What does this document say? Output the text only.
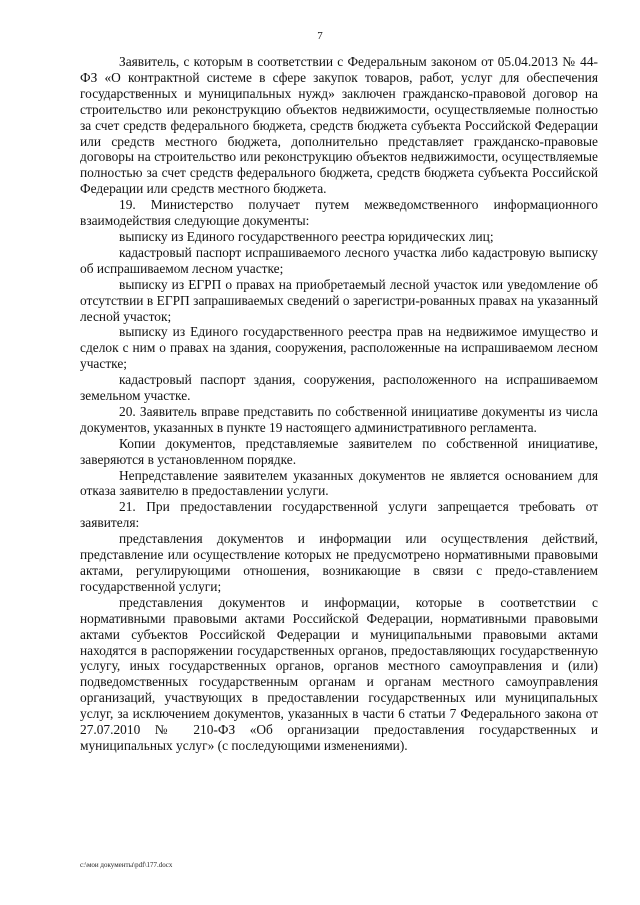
7

Заявитель, с которым в соответствии с Федеральным законом от 05.04.2013 № 44-ФЗ «О контрактной системе в сфере закупок товаров, работ, услуг для обеспечения государственных и муниципальных нужд» заключен гражданско-правовой договор на строительство или реконструкцию объектов недвижимости, осуществляемые полностью за счет средств федерального бюджета, средств бюджета субъекта Российской Федерации или средств местного бюджета, дополнительно представляет гражданско-правовые договоры на строительство или реконструкцию объектов недвижимости, осуществляемые полностью за счет средств федерального бюджета, средств бюджета субъекта Российской Федерации или средств местного бюджета.

19. Министерство получает путем межведомственного информационного взаимодействия следующие документы:

выписку из Единого государственного реестра юридических лиц;

кадастровый паспорт испрашиваемого лесного участка либо кадастровую выписку об испрашиваемом лесном участке;

выписку из ЕГРП о правах на приобретаемый лесной участок или уведомление об отсутствии в ЕГРП запрашиваемых сведений о зарегистри-рованных правах на указанный лесной участок;

выписку из Единого государственного реестра прав на недвижимое имущество и сделок с ним о правах на здания, сооружения, расположенные на испрашиваемом лесном участке;

кадастровый паспорт здания, сооружения, расположенного на испрашиваемом земельном участке.

20. Заявитель вправе представить по собственной инициативе документы из числа документов, указанных в пункте 19 настоящего административного регламента.

Копии документов, представляемые заявителем по собственной инициативе, заверяются в установленном порядке.

Непредставление заявителем указанных документов не является основанием для отказа заявителю в предоставлении услуги.

21. При предоставлении государственной услуги запрещается требовать от заявителя:

представления документов и информации или осуществления действий, представление или осуществление которых не предусмотрено нормативными правовыми актами, регулирующими отношения, возникающие в связи с предо-ставлением государственной услуги;

представления документов и информации, которые в соответствии с нормативными правовыми актами Российской Федерации, нормативными правовыми актами субъектов Российской Федерации и муниципальными правовыми актами находятся в распоряжении государственных органов, предоставляющих государственную услугу, иных государственных органов, органов местного самоуправления и (или) подведомственных государственным органам и органам местного самоуправления организаций, участвующих в предоставлении государственных или муниципальных услуг, за исключением документов, указанных в части 6 статьи 7 Федерального закона от 27.07.2010 № 210-ФЗ «Об организации предоставления государственных и муниципальных услуг» (с последующими изменениями).

c:\мои документы\pdf\177.docx
